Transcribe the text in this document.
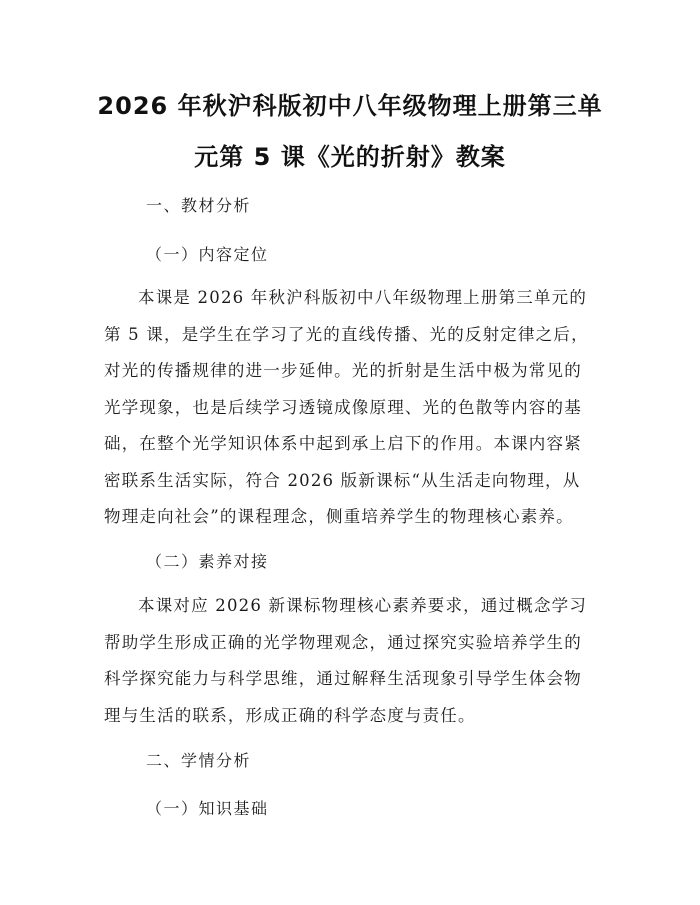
2026 年秋沪科版初中八年级物理上册第三单
元第 5 课《光的折射》教案
一、教材分析
（一）内容定位
本课是 2026 年秋沪科版初中八年级物理上册第三单元的
第 5 课，是学生在学习了光的直线传播、光的反射定律之后，
对光的传播规律的进一步延伸。光的折射是生活中极为常见的
光学现象，也是后续学习透镜成像原理、光的色散等内容的基
础，在整个光学知识体系中起到承上启下的作用。本课内容紧
密联系生活实际，符合 2026 版新课标“从生活走向物理，从
物理走向社会”的课程理念，侧重培养学生的物理核心素养。
（二）素养对接
本课对应 2026 新课标物理核心素养要求，通过概念学习
帮助学生形成正确的光学物理观念，通过探究实验培养学生的
科学探究能力与科学思维，通过解释生活现象引导学生体会物
理与生活的联系，形成正确的科学态度与责任。
二、学情分析
（一）知识基础
